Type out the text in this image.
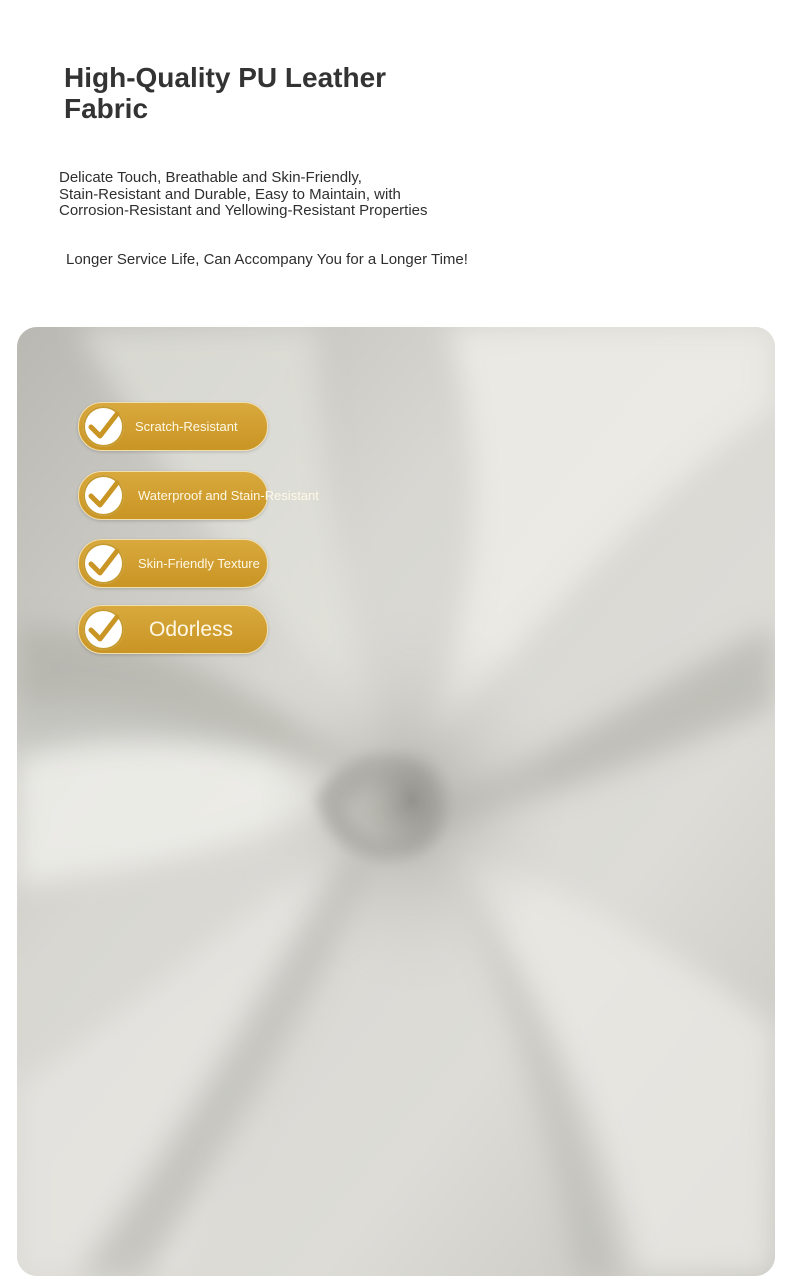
High-Quality PU Leather Fabric

Delicate Touch, Breathable and Skin-Friendly,
Stain-Resistant and Durable, Easy to Maintain, with
Corrosion-Resistant and Yellowing-Resistant Properties

Longer Service Life, Can Accompany You for a Longer Time!

Scratch-Resistant
Waterproof and Stain-Resistant
Skin-Friendly Texture
Odorless
